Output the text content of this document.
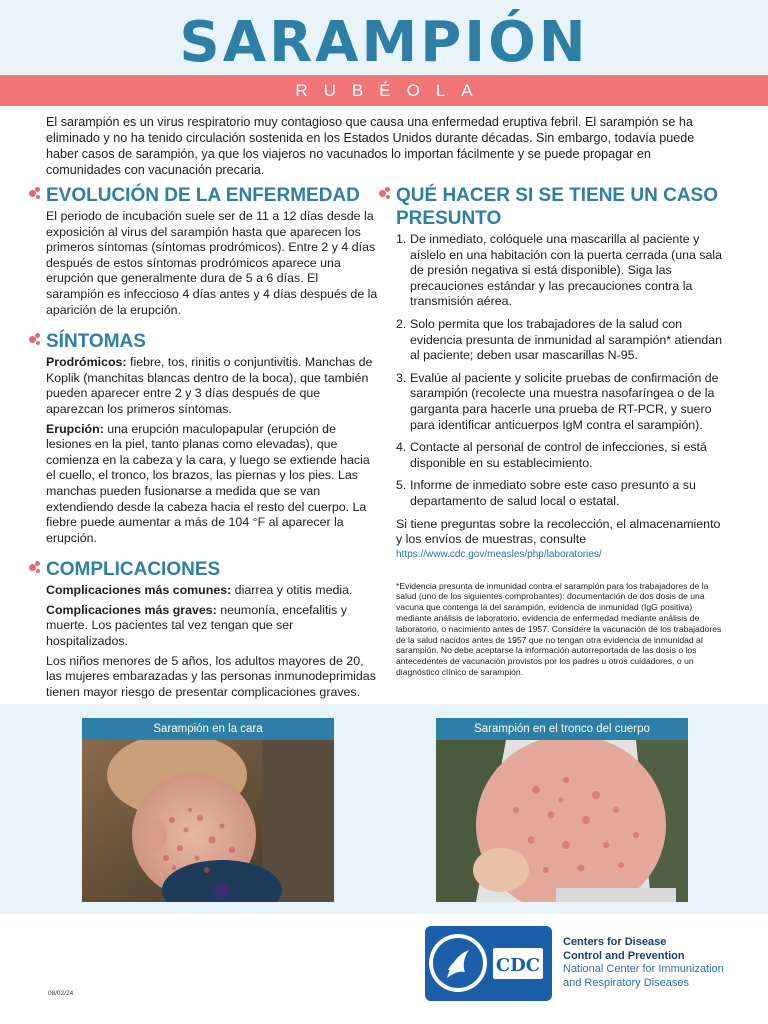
SARAMPIÓN
RUBÉOLA

El sarampión es un virus respiratorio muy contagioso que causa una enfermedad eruptiva febril. El sarampión se ha eliminado y no ha tenido circulación sostenida en los Estados Unidos durante décadas. Sin embargo, todavía puede haber casos de sarampión, ya que los viajeros no vacunados lo importan fácilmente y se puede propagar en comunidades con vacunación precaria.

EVOLUCIÓN DE LA ENFERMEDAD

El periodo de incubación suele ser de 11 a 12 días desde la exposición al virus del sarampión hasta que aparecen los primeros síntomas (síntomas prodrómicos). Entre 2 y 4 días después de estos síntomas prodrómicos aparece una erupción que generalmente dura de 5 a 6 días. El sarampión es infeccioso 4 días antes y 4 días después de la aparición de la erupción.

SÍNTOMAS

Prodrómicos: fiebre, tos, rinitis o conjuntivitis. Manchas de Koplik (manchitas blancas dentro de la boca), que también pueden aparecer entre 2 y 3 días después de que aparezcan los primeros síntomas.

Erupción: una erupción maculopapular (erupción de lesiones en la piel, tanto planas como elevadas), que comienza en la cabeza y la cara, y luego se extiende hacia el cuello, el tronco, los brazos, las piernas y los pies. Las manchas pueden fusionarse a medida que se van extendiendo desde la cabeza hacia el resto del cuerpo. La fiebre puede aumentar a más de 104 °F al aparecer la erupción.

COMPLICACIONES

Complicaciones más comunes: diarrea y otitis media.

Complicaciones más graves: neumonía, encefalitis y muerte. Los pacientes tal vez tengan que ser hospitalizados.

Los niños menores de 5 años, los adultos mayores de 20, las mujeres embarazadas y las personas inmunodeprimidas tienen mayor riesgo de presentar complicaciones graves.

QUÉ HACER SI SE TIENE UN CASO PRESUNTO
1. De inmediato, colóquele una mascarilla al paciente y aíslelo en una habitación con la puerta cerrada (una sala de presión negativa si está disponible). Siga las precauciones estándar y las precauciones contra la transmisión aérea.
2. Solo permita que los trabajadores de la salud con evidencia presunta de inmunidad al sarampión* atiendan al paciente; deben usar mascarillas N-95.
3. Evalúe al paciente y solicite pruebas de confirmación de sarampión (recolecte una muestra nasofaríngea o de la garganta para hacerle una prueba de RT-PCR, y suero para identificar anticuerpos IgM contra el sarampión).
4. Contacte al personal de control de infecciones, si está disponible en su establecimiento.
5. Informe de inmediato sobre este caso presunto a su departamento de salud local o estatal.
Si tiene preguntas sobre la recolección, el almacenamiento y los envíos de muestras, consulte
https://www.cdc.gov/measles/php/laboratories/

*Evidencia presunta de inmunidad contra el sarampión para los trabajadores de la salud (uno de los siguientes comprobantes): documentación de dos dosis de una vacuna que contenga la del sarampión, evidencia de inmunidad (IgG positiva) mediante análisis de laboratorio, evidencia de enfermedad mediante análisis de laboratorio, o nacimiento antes de 1957. Considere la vacunación de los trabajadores de la salud nacidos antes de 1957 que no tengan otra evidencia de inmunidad al sarampión. No debe aceptarse la información autorreportada de las dosis o los antecedentes de vacunación provistos por los padres u otros cuidadores, o un diagnóstico clínico de sarampión.

Sarampión en la cara	Sarampión en el tronco del cuerpo
CDC
Centers for Disease
Control and Prevention
National Center for Immunization
and Respiratory Diseases
08/02/24
